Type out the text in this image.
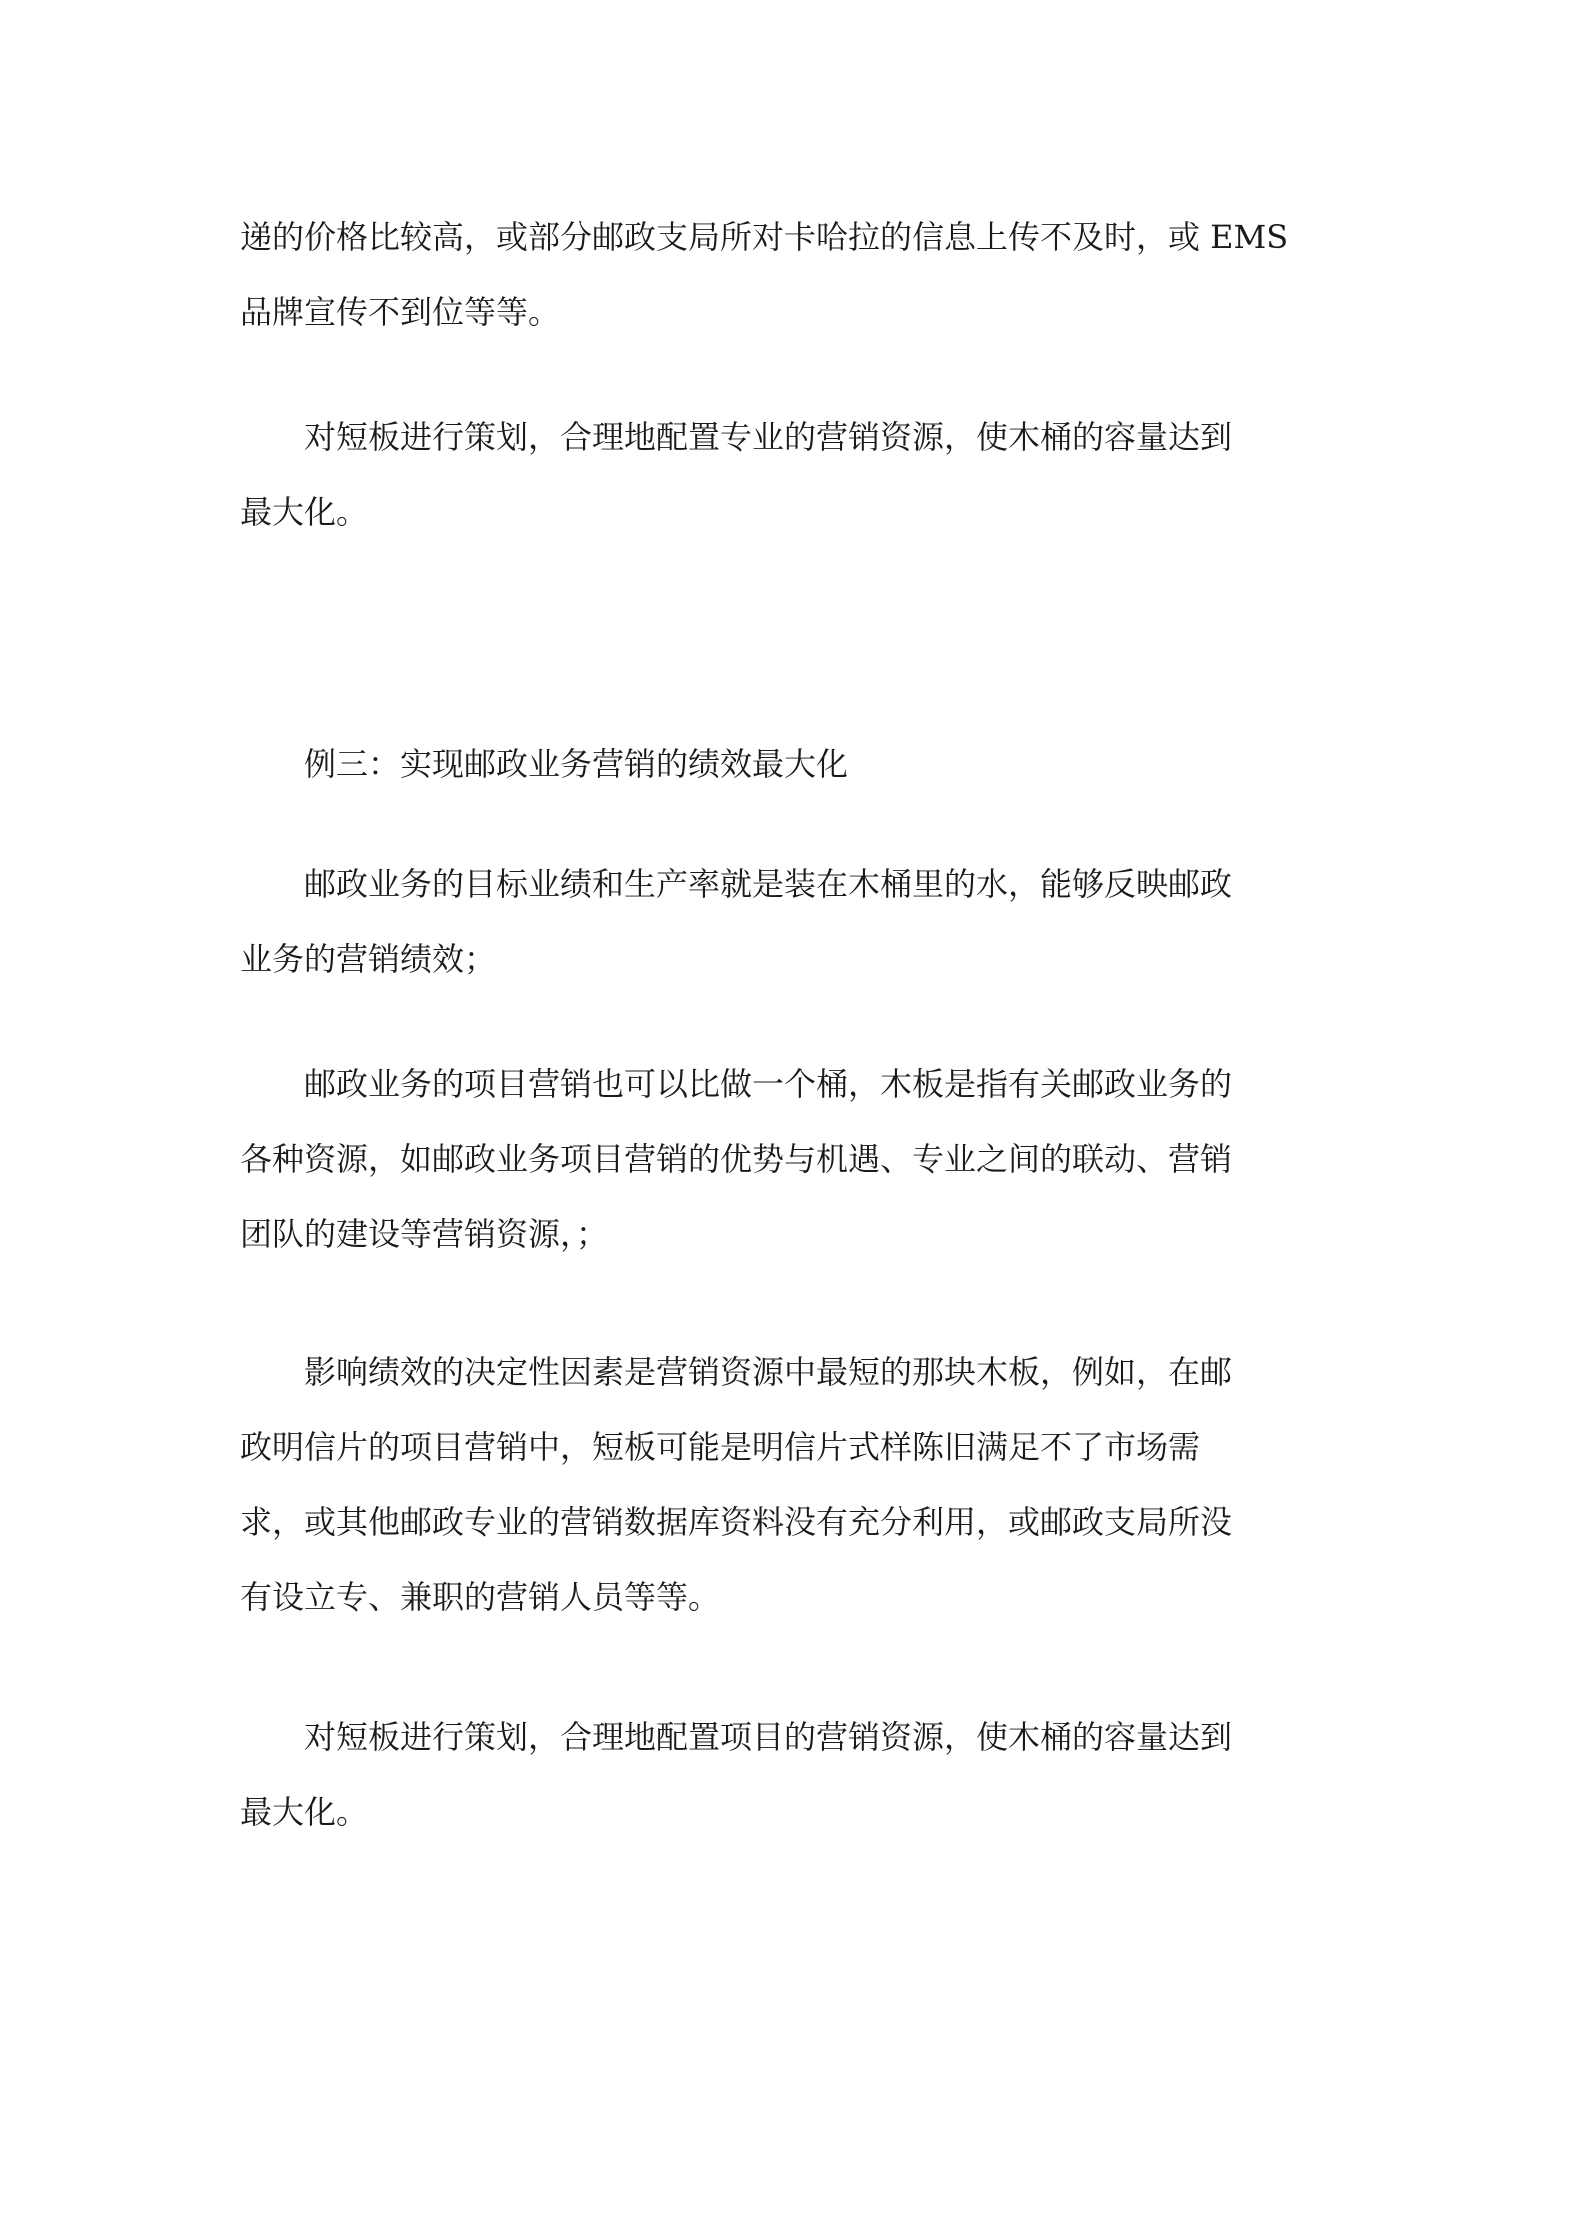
递的价格比较高，或部分邮政支局所对卡哈拉的信息上传不及时，或 EMS
品牌宣传不到位等等。

对短板进行策划，合理地配置专业的营销资源，使木桶的容量达到
最大化。

例三：实现邮政业务营销的绩效最大化

邮政业务的目标业绩和生产率就是装在木桶里的水，能够反映邮政
业务的营销绩效；

邮政业务的项目营销也可以比做一个桶，木板是指有关邮政业务的
各种资源，如邮政业务项目营销的优势与机遇、专业之间的联动、营销
团队的建设等营销资源，；

影响绩效的决定性因素是营销资源中最短的那块木板，例如，在邮
政明信片的项目营销中，短板可能是明信片式样陈旧满足不了市场需
求，或其他邮政专业的营销数据库资料没有充分利用，或邮政支局所没
有设立专、兼职的营销人员等等。

对短板进行策划，合理地配置项目的营销资源，使木桶的容量达到
最大化。
